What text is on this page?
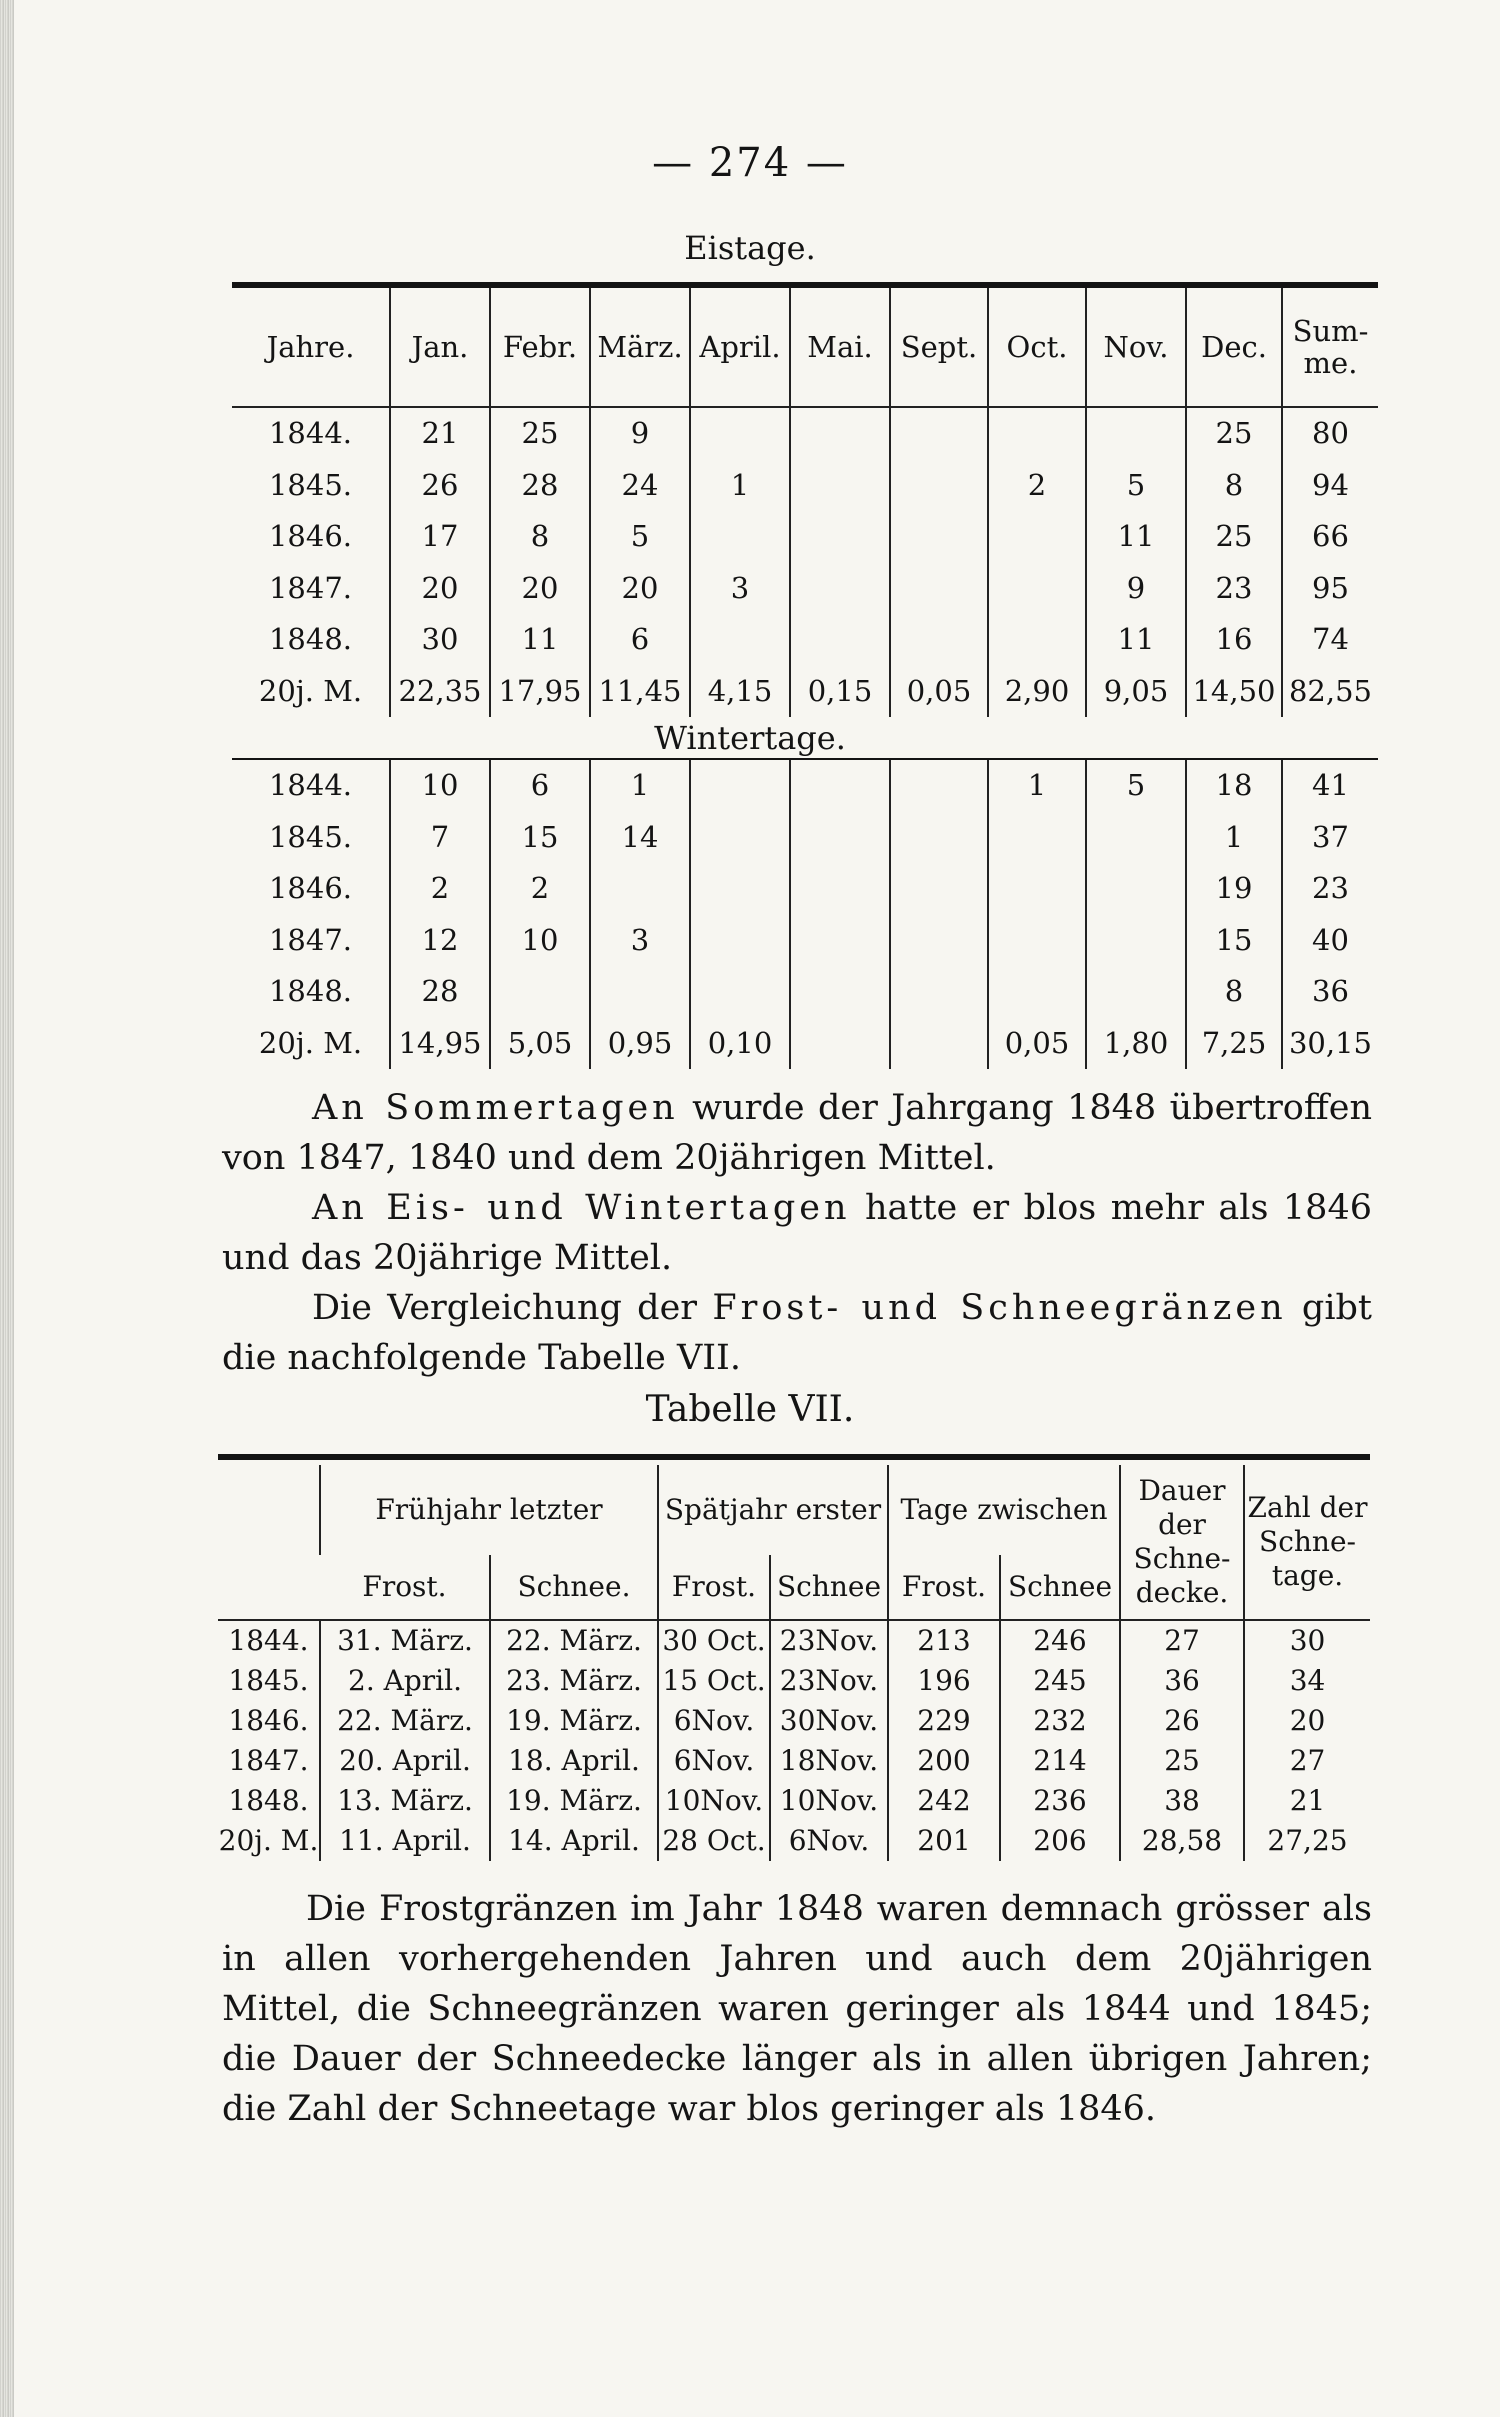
— 274 —
Eistage.
Jahre.	Jan.	Febr.	März.	April.	Mai.	Sept.	Oct.	Nov.	Dec.	Sum-me.
1844.	21	25	9						25	80
1845.	26	28	24	1			2	5	8	94
1846.	17	8	5					11	25	66
1847.	20	20	20	3				9	23	95
1848.	30	11	6					11	16	74
20j. M.	22,35	17,95	11,45	4,15	0,15	0,05	2,90	9,05	14,50	82,55
Wintertage.
1844.	10	6	1				1	5	18	41
1845.	7	15	14						1	37
1846.	2	2							19	23
1847.	12	10	3						15	40
1848.	28								8	36
20j. M.	14,95	5,05	0,95	0,10			0,05	1,80	7,25	30,15
An Sommertagen wurde der Jahrgang 1848 übertroffen von 1847, 1840 und dem 20jährigen Mittel.
An Eis- und Wintertagen hatte er blos mehr als 1846 und das 20jährige Mittel.
Die Vergleichung der Frost- und Schneegränzen gibt die nachfolgende Tabelle VII.
Tabelle VII.
	Frühjahr letzter		Spätjahr erster		Tage zwischen		Dauer der Schne-decke.	Zahl der Schne-tage.
	Frost.	Schnee.	Frost.	Schnee	Frost.	Schnee		
1844.	31. März.	22. März.	30 Oct.	23Nov.	213	246	27	30
1845.	2. April.	23. März.	15 Oct.	23Nov.	196	245	36	34
1846.	22. März.	19. März.	6Nov.	30Nov.	229	232	26	20
1847.	20. April.	18. April.	6Nov.	18Nov.	200	214	25	27
1848.	13. März.	19. März.	10Nov.	10Nov.	242	236	38	21
20j. M.	11. April.	14. April.	28 Oct.	6Nov.	201	206	28,58	27,25
Die Frostgränzen im Jahr 1848 waren demnach grösser als in allen vorhergehenden Jahren und auch dem 20jährigen Mittel, die Schneegränzen waren geringer als 1844 und 1845; die Dauer der Schneedecke länger als in allen übrigen Jahren; die Zahl der Schneetage war blos geringer als 1846.
